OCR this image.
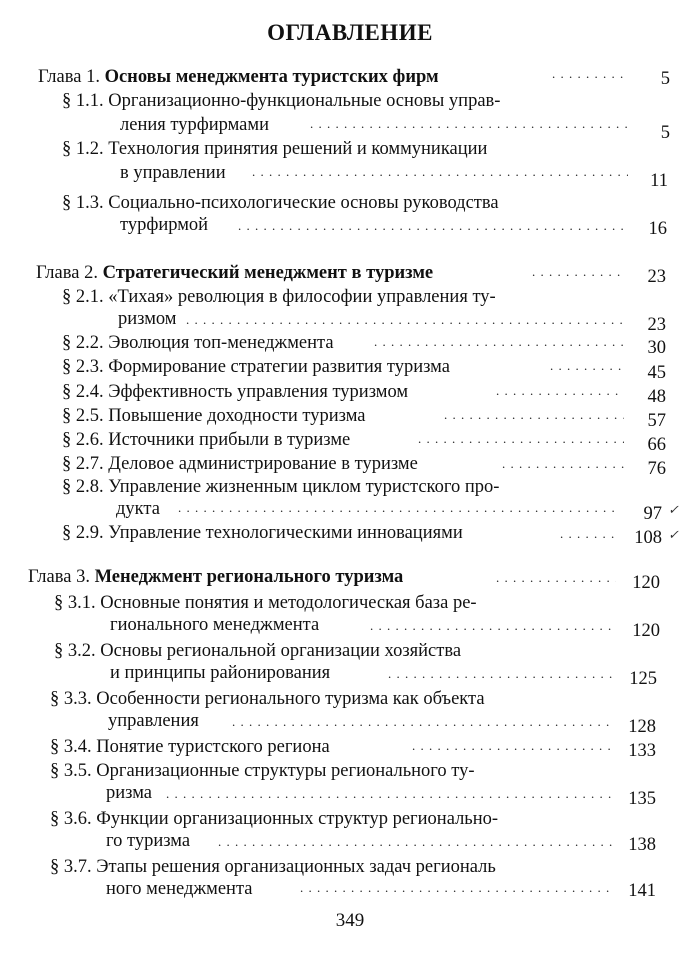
ОГЛАВЛЕНИЕ
Глава 1. Основы менеджмента туристских фирм . . .	5
§ 1.1. Организационно-функциональные основы управ-
ления турфирмами . . .	5
§ 1.2. Технология принятия решений и коммуникации
в управлении . . .	11
§ 1.3. Социально-психологические основы руководства
турфирмой . . .	16
Глава 2. Стратегический менеджмент в туризме . . .	23
§ 2.1. «Тихая» революция в философии управления ту-
ризмом . . .	23
§ 2.2. Эволюция топ-менеджмента . . .	30
§ 2.3. Формирование стратегии развития туризма . . .	45
§ 2.4. Эффективность управления туризмом . . .	48
§ 2.5. Повышение доходности туризма . . .	57
§ 2.6. Источники прибыли в туризме . . .	66
§ 2.7. Деловое администрирование в туризме . . .	76
§ 2.8. Управление жизненным циклом туристского про-
дукта . . .	97 ✓
§ 2.9. Управление технологическими инновациями . . .	108 ✓
Глава 3. Менеджмент регионального туризма . . .	120
§ 3.1. Основные понятия и методологическая база ре-
гионального менеджмента . . .	120
§ 3.2. Основы региональной организации хозяйства
и принципы районирования . . .	125
§ 3.3. Особенности регионального туризма как объекта
управления . . .	128
§ 3.4. Понятие туристского региона . . .	133
§ 3.5. Организационные структуры регионального ту-
ризма . . .	135
§ 3.6. Функции организационных структур регионально-
го туризма . . .	138
§ 3.7. Этапы решения организационных задач региональ
ного менеджмента . . .	141
349
